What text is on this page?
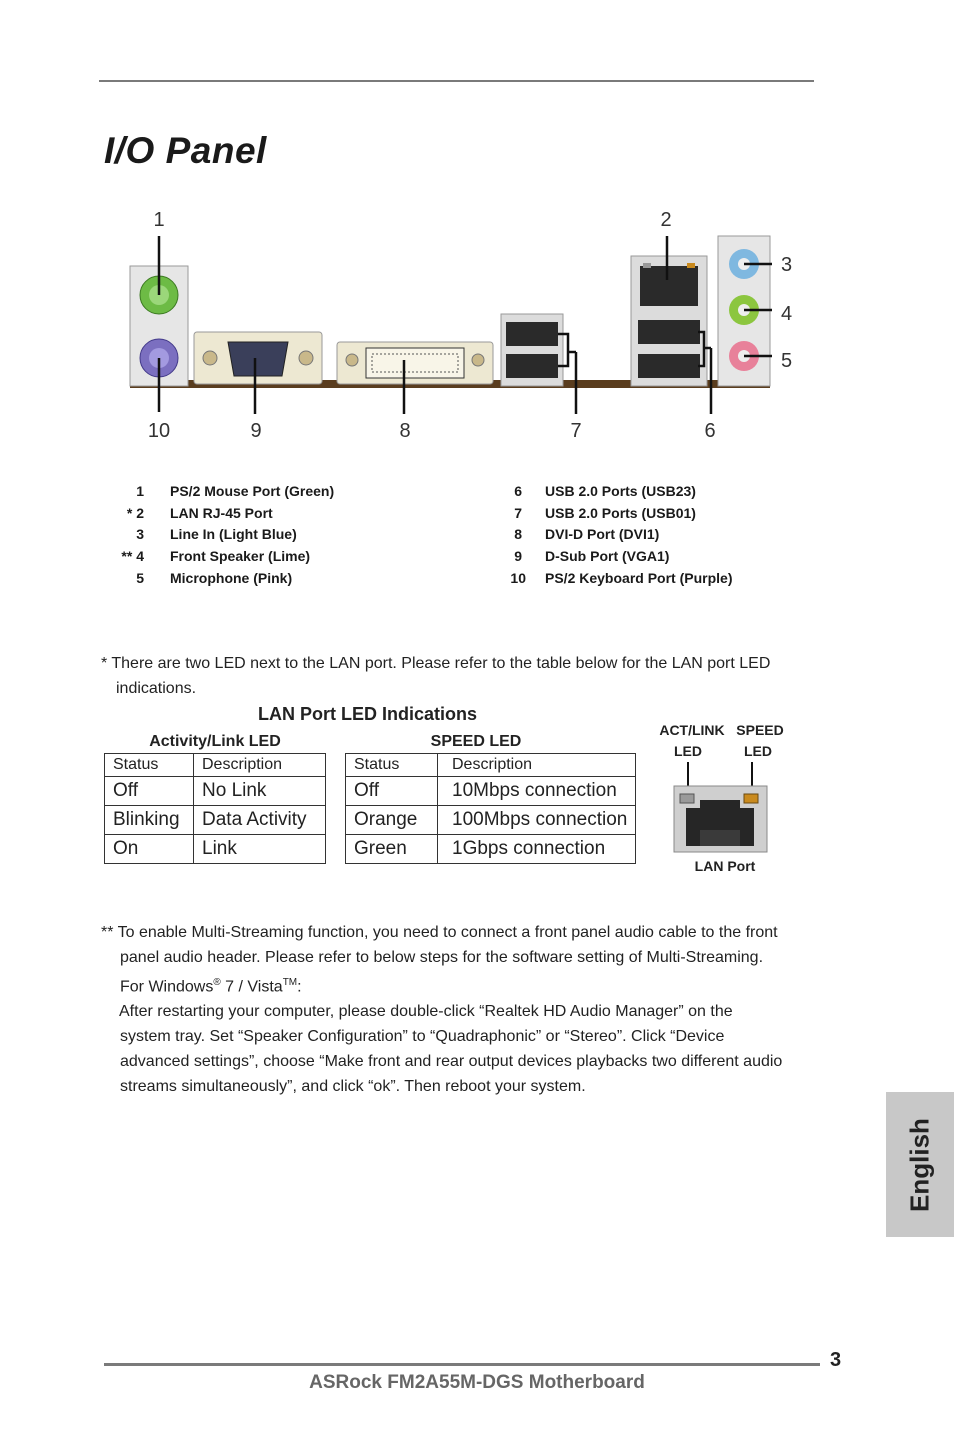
I/O Panel
1	2
3
4
5
6
7
8
9
10
1 PS/2 Mouse Port (Green)
* 2 LAN RJ-45 Port
3 Line In (Light Blue)
** 4 Front Speaker (Lime)
5 Microphone (Pink)
6 USB 2.0 Ports (USB23)
7 USB 2.0 Ports (USB01)
8 DVI-D Port (DVI1)
9 D-Sub Port (VGA1)
10 PS/2 Keyboard Port (Purple)
* There are two LED next to the LAN port. Please refer to the table below for the LAN port LED
indications.
LAN Port LED Indications
Activity/Link LED
Status	Description
Off	No Link
Blinking	Data Activity
On	Link
SPEED LED
Status	Description
Off	10Mbps connection
Orange	100Mbps connection
Green	1Gbps connection
ACT/LINK
LED
SPEED
LED
LAN Port
** To enable Multi-Streaming function, you need to connect a front panel audio cable to the front
panel audio header. Please refer to below steps for the software setting of Multi-Streaming.
For Windows® 7 / Vista™:
After restarting your computer, please double-click “Realtek HD Audio Manager” on the
system tray. Set “Speaker Configuration” to “Quadraphonic” or “Stereo”. Click “Device
advanced settings”, choose “Make front and rear output devices playbacks two different audio
streams simultaneously”, and click “ok”. Then reboot your system.
English
3
ASRock FM2A55M-DGS Motherboard
